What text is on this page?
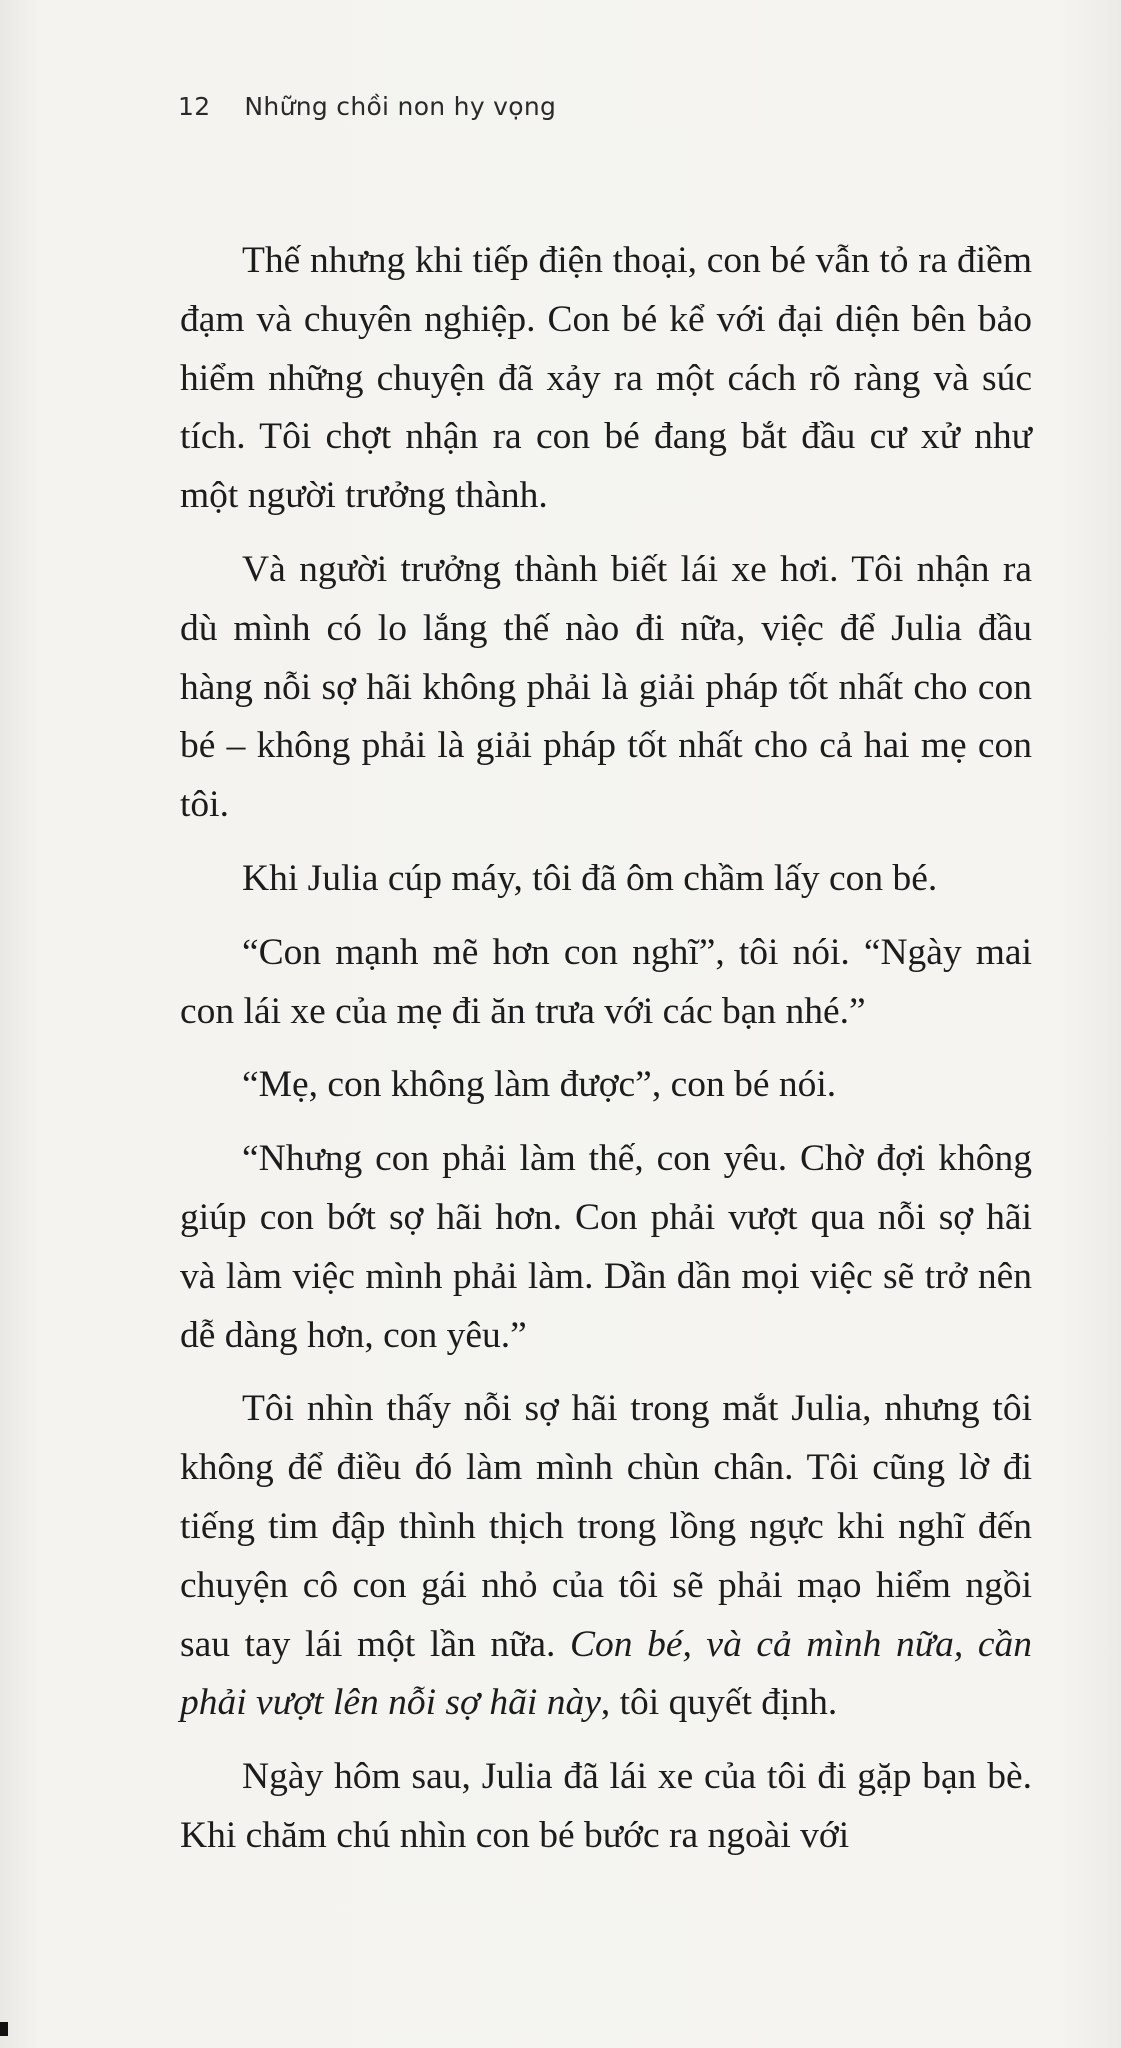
12 Những chồi non hy vọng

Thế nhưng khi tiếp điện thoại, con bé vẫn tỏ ra điềm đạm và chuyên nghiệp. Con bé kể với đại diện bên bảo hiểm những chuyện đã xảy ra một cách rõ ràng và súc tích. Tôi chợt nhận ra con bé đang bắt đầu cư xử như một người trưởng thành.

Và người trưởng thành biết lái xe hơi. Tôi nhận ra dù mình có lo lắng thế nào đi nữa, việc để Julia đầu hàng nỗi sợ hãi không phải là giải pháp tốt nhất cho con bé – không phải là giải pháp tốt nhất cho cả hai mẹ con tôi.

Khi Julia cúp máy, tôi đã ôm chầm lấy con bé.

“Con mạnh mẽ hơn con nghĩ”, tôi nói. “Ngày mai con lái xe của mẹ đi ăn trưa với các bạn nhé.”

“Mẹ, con không làm được”, con bé nói.

“Nhưng con phải làm thế, con yêu. Chờ đợi không giúp con bớt sợ hãi hơn. Con phải vượt qua nỗi sợ hãi và làm việc mình phải làm. Dần dần mọi việc sẽ trở nên dễ dàng hơn, con yêu.”

Tôi nhìn thấy nỗi sợ hãi trong mắt Julia, nhưng tôi không để điều đó làm mình chùn chân. Tôi cũng lờ đi tiếng tim đập thình thịch trong lồng ngực khi nghĩ đến chuyện cô con gái nhỏ của tôi sẽ phải mạo hiểm ngồi sau tay lái một lần nữa. Con bé, và cả mình nữa, cần phải vượt lên nỗi sợ hãi này, tôi quyết định.

Ngày hôm sau, Julia đã lái xe của tôi đi gặp bạn bè. Khi chăm chú nhìn con bé bước ra ngoài với
